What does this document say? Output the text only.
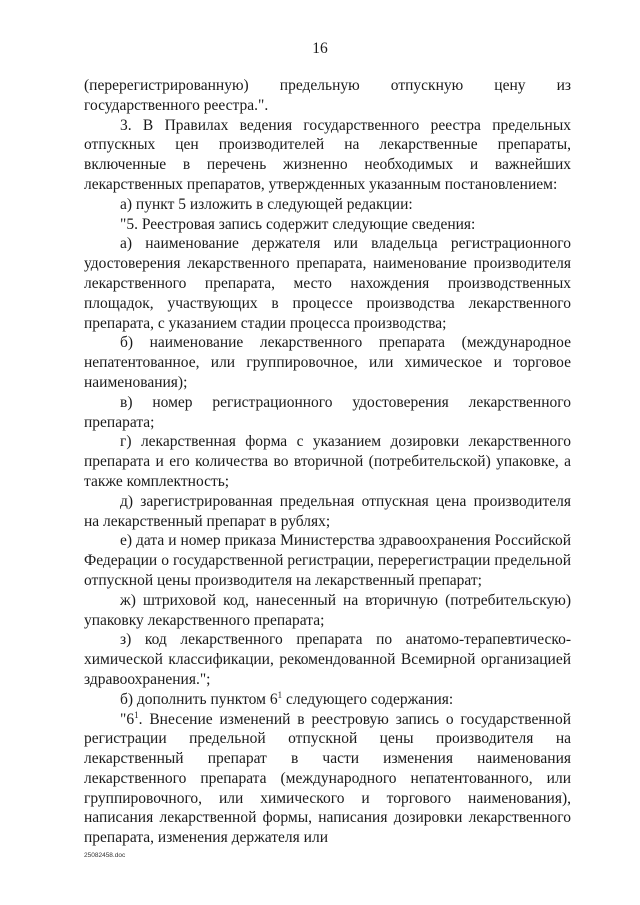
16

(перерегистрированную) предельную отпускную цену из государственного реестра.".

3. В Правилах ведения государственного реестра предельных отпускных цен производителей на лекарственные препараты, включенные в перечень жизненно необходимых и важнейших лекарственных препаратов, утвержденных указанным постановлением:

а) пункт 5 изложить в следующей редакции:

"5. Реестровая запись содержит следующие сведения:

а) наименование держателя или владельца регистрационного удостоверения лекарственного препарата, наименование производителя лекарственного препарата, место нахождения производственных площадок, участвующих в процессе производства лекарственного препарата, с указанием стадии процесса производства;

б) наименование лекарственного препарата (международное непатентованное, или группировочное, или химическое и торговое наименования);

в) номер регистрационного удостоверения лекарственного препарата;

г) лекарственная форма с указанием дозировки лекарственного препарата и его количества во вторичной (потребительской) упаковке, а также комплектность;

д) зарегистрированная предельная отпускная цена производителя на лекарственный препарат в рублях;

е) дата и номер приказа Министерства здравоохранения Российской Федерации о государственной регистрации, перерегистрации предельной отпускной цены производителя на лекарственный препарат;

ж) штриховой код, нанесенный на вторичную (потребительскую) упаковку лекарственного препарата;

з) код лекарственного препарата по анатомо-терапевтическо-химической классификации, рекомендованной Всемирной организацией здравоохранения.";

б) дополнить пунктом $6^1$ следующего содержания:

"$6^1$. Внесение изменений в реестровую запись о государственной регистрации предельной отпускной цены производителя на лекарственный препарат в части изменения наименования лекарственного препарата (международного непатентованного, или группировочного, или химического и торгового наименования), написания лекарственной формы, написания дозировки лекарственного препарата, изменения держателя или

25082458.doc
